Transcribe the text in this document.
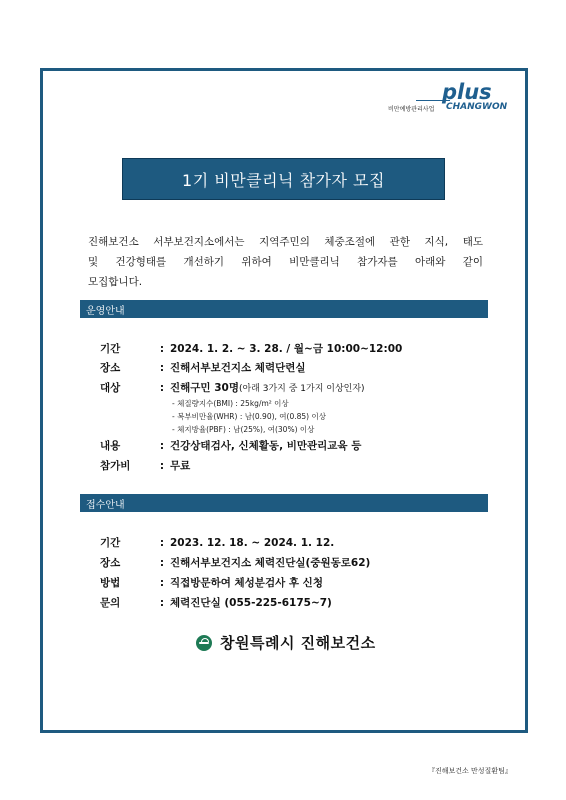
plus
CHANGWON
비만예방관리사업
1기 비만클리닉 참가자 모집
진해보건소 서부보건지소에서는 지역주민의 체중조절에 관한 지식, 태도
및 건강형태를 개선하기 위하여 비만클리닉 참가자를 아래와 같이
모집합니다.
운영안내
기간	: 2024. 1. 2. ~ 3. 28. / 월~금 10:00~12:00
장소	: 진해서부보건지소 체력단련실
대상	: 진해구민 30명(아래 3가지 중 1가지 이상인자)
- 체질량지수(BMI) : 25kg/m² 이상
- 복부비만율(WHR) : 남(0.90), 여(0.85) 이상
- 체지방율(PBF) : 남(25%), 여(30%) 이상
내용	: 건강상태검사, 신체활동, 비만관리교육 등
참가비	: 무료
접수안내
기간	: 2023. 12. 18. ~ 2024. 1. 12.
장소	: 진해서부보건지소 체력진단실(중원동로62)
방법	: 직접방문하여 체성분검사 후 신청
문의	: 체력진단실 (055-225-6175~7)
창원특례시 진해보건소
『진해보건소 만성질환팀』
